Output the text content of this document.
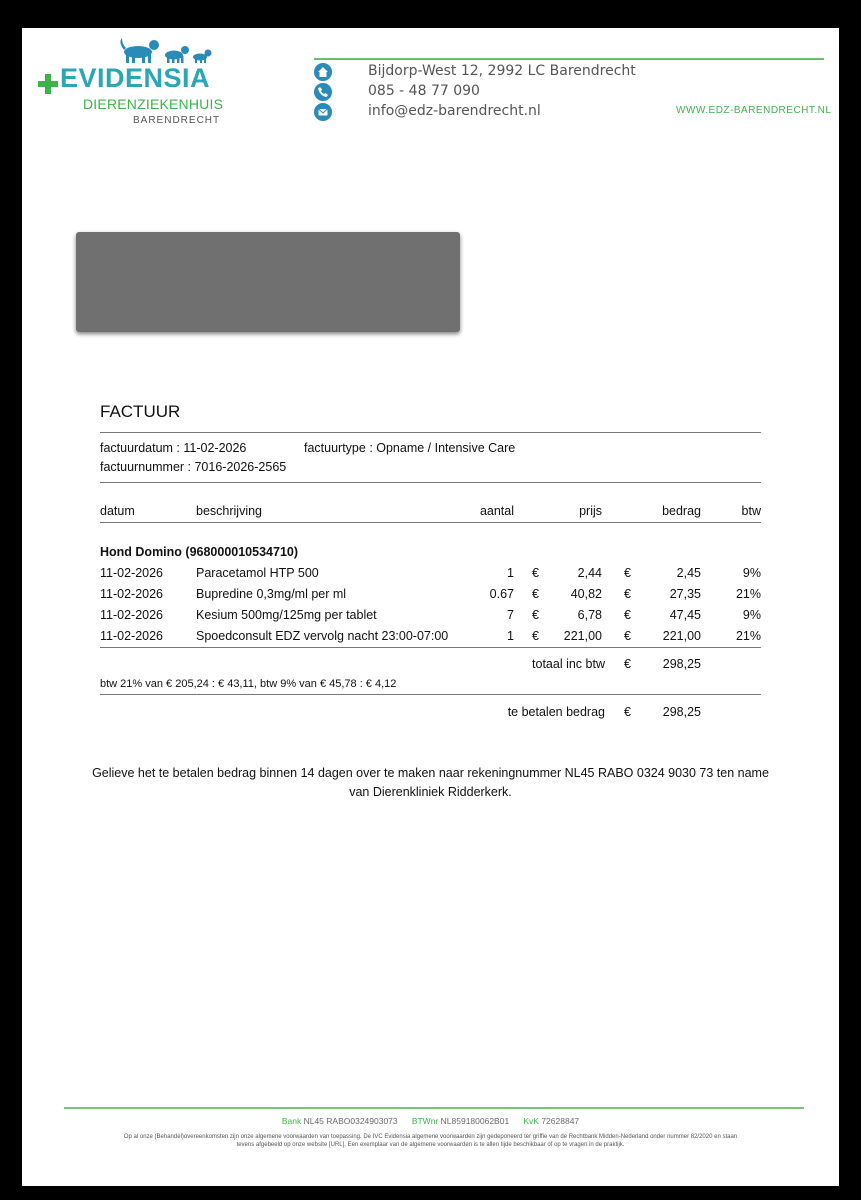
EVIDENSIA
DIERENZIEKENHUIS
BARENDRECHT
Bijdorp-West 12, 2992 LC Barendrecht
085 - 48 77 090
info@edz-barendrecht.nl	WWW.EDZ-BARENDRECHT.NL
FACTUUR
factuurdatum : 11-02-2026	factuurtype : Opname / Intensive Care
factuurnummer : 7016-2026-2565
datum	beschrijving	aantal	prijs	bedrag	btw
Hond Domino (968000010534710)
11-02-2026	Paracetamol HTP 500	1 €	2,44 €	2,45	9%
11-02-2026	Bupredine 0,3mg/ml per ml	0.67 €	40,82 €	27,35	21%
11-02-2026	Kesium 500mg/125mg per tablet	7 €	6,78 €	47,45	9%
11-02-2026	Spoedconsult EDZ vervolg nacht 23:00-07:00	1 €	221,00 €	221,00	21%
totaal inc btw €	298,25
btw 21% van € 205,24 : € 43,11, btw 9% van € 45,78 : € 4,12
te betalen bedrag €	298,25
Gelieve het te betalen bedrag binnen 14 dagen over te maken naar rekeningnummer NL45 RABO 0324 9030 73 ten name van Dierenkliniek Ridderkerk.
Bank NL45 RABO0324903073 BTWnr NL859180062B01 KvK 72628847
Op al onze (Behandel)overeenkomsten zijn onze algemene voorwaarden van toepassing. De IVC Evidensia algemene voorwaarden zijn gedeponeerd ter griffie van de Rechtbank Midden-Nederland onder nummer 82/2020 en staan tevens afgebeeld op onze website [URL]. Een exemplaar van de algemene voorwaarden is te allen tijde beschikbaar of op te vragen in de praktijk.
